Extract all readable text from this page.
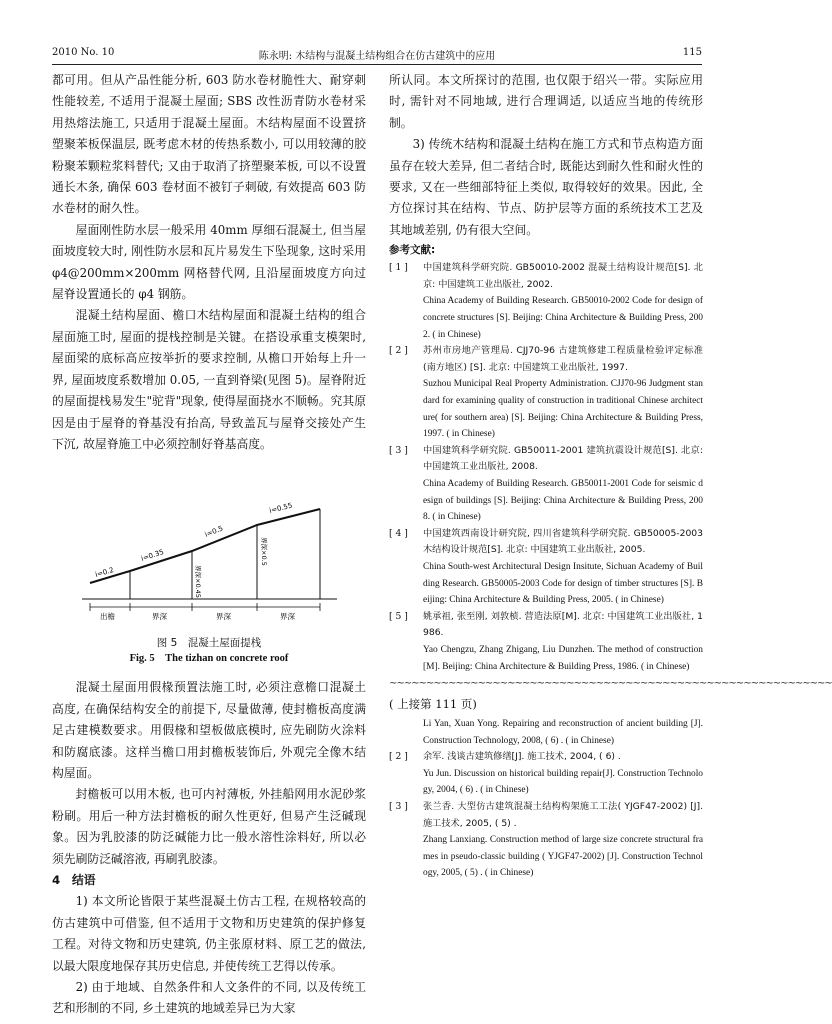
2010 No. 10	陈永明: 木结构与混凝土结构组合在仿古建筑中的应用	115

都可用。但从产品性能分析, 603 防水卷材脆性大、耐穿刺性能较差, 不适用于混凝土屋面; SBS 改性沥青防水卷材采用热熔法施工, 只适用于混凝土屋面。木结构屋面不设置挤塑聚苯板保温层, 既考虑木材的传热系数小, 可以用较薄的胶粉聚苯颗粒浆料替代; 又由于取消了挤塑聚苯板, 可以不设置通长木条, 确保 603 卷材面不被钉子刺破, 有效提高 603 防水卷材的耐久性。

屋面刚性防水层一般采用 40mm 厚细石混凝土, 但当屋面坡度较大时, 刚性防水层和瓦片易发生下坠现象, 这时采用 φ4@200mm×200mm 网格替代网, 且沿屋面坡度方向过屋脊设置通长的 φ4 钢筋。

混凝土结构屋面、檐口木结构屋面和混凝土结构的组合屋面施工时, 屋面的提栈控制是关键。在搭设承重支模架时, 屋面梁的底标高应按举折的要求控制, 从檐口开始每上升一界, 屋面坡度系数增加 0.05, 一直到脊梁(见图 5)。屋脊附近的屋面提栈易发生"驼背"现象, 使得屋面挠水不顺畅。究其原因是由于屋脊的脊基没有抬高, 导致盖瓦与屋脊交接处产生下沉, 故屋脊施工中必须控制好脊基高度。

i=0.2
i=0.35
i=0.5
i=0.55
界深×0.45
界深×0.5
出檐	界深	界深	界深
图 5　混凝土屋面提栈
Fig. 5　The tizhan on concrete roof

混凝土屋面用假椽预置法施工时, 必须注意檐口混凝土高度, 在确保结构安全的前提下, 尽量做薄, 使封檐板高度满足古建模数要求。用假椽和望板做底模时, 应先刷防火涂料和防腐底漆。这样当檐口用封檐板装饰后, 外观完全像木结构屋面。

封檐板可以用木板, 也可内衬薄板, 外挂船网用水泥砂浆粉刷。用后一种方法封檐板的耐久性更好, 但易产生泛碱现象。因为乳胶漆的防泛碱能力比一般水溶性涂料好, 所以必须先刷防泛碱溶液, 再刷乳胶漆。

4　结语

1) 本文所论皆限于某些混凝土仿古工程, 在规格较高的仿古建筑中可借鉴, 但不适用于文物和历史建筑的保护修复工程。对待文物和历史建筑, 仍主张原材料、原工艺的做法, 以最大限度地保存其历史信息, 并使传统工艺得以传承。

2) 由于地域、自然条件和人文条件的不同, 以及传统工艺和形制的不同, 乡土建筑的地域差异已为大家

所认同。本文所探讨的范围, 也仅限于绍兴一带。实际应用时, 需针对不同地域, 进行合理调适, 以适应当地的传统形制。

3) 传统木结构和混凝土结构在施工方式和节点构造方面虽存在较大差异, 但二者结合时, 既能达到耐久性和耐火性的要求, 又在一些细部特征上类似, 取得较好的效果。因此, 全方位探讨其在结构、节点、防护层等方面的系统技术工艺及其地域差别, 仍有很大空间。

参考文献:

[ 1 ] 中国建筑科学研究院. GB50010-2002 混凝土结构设计规范[S]. 北京: 中国建筑工业出版社, 2002.
China Academy of Building Research. GB50010-2002 Code for design of concrete structures [S]. Beijing: China Architecture & Building Press, 2002. ( in Chinese)
[ 2 ] 苏州市房地产管理局. CJJ70-96 古建筑修建工程质量检验评定标准(南方地区) [S]. 北京: 中国建筑工业出版社, 1997.
Suzhou Municipal Real Property Administration. CJJ70-96 Judgment standard for examining quality of construction in traditional Chinese architecture( for southern area) [S]. Beijing: China Architecture & Building Press, 1997. ( in Chinese)
[ 3 ] 中国建筑科学研究院. GB50011-2001 建筑抗震设计规范[S]. 北京: 中国建筑工业出版社, 2008.
China Academy of Building Research. GB50011-2001 Code for seismic design of buildings [S]. Beijing: China Architecture & Building Press, 2008. ( in Chinese)
[ 4 ] 中国建筑西南设计研究院, 四川省建筑科学研究院. GB50005-2003 木结构设计规范[S]. 北京: 中国建筑工业出版社, 2005.
China South-west Architectural Design Insitute, Sichuan Academy of Building Research. GB50005-2003 Code for design of timber structures [S]. Beijing: China Architecture & Building Press, 2005. ( in Chinese)
[ 5 ] 姚承祖, 张至刚, 刘敦桢. 营造法原[M]. 北京: 中国建筑工业出版社, 1986.
Yao Chengzu, Zhang Zhigang, Liu Dunzhen. The method of construction [M]. Beijing: China Architecture & Building Press, 1986. ( in Chinese)
∼∼∼∼∼∼∼∼∼∼∼∼∼∼∼∼∼∼∼∼∼∼∼∼∼∼∼∼∼∼∼∼∼∼∼∼∼∼∼∼∼∼∼∼∼∼∼∼∼∼∼∼∼∼∼∼∼∼∼∼

( 上接第 111 页)

Li Yan, Xuan Yong. Repairing and reconstruction of ancient building [J]. Construction Technology, 2008, ( 6) . ( in Chinese)
[ 2 ] 余军. 浅谈古建筑修缮[J]. 施工技术, 2004, ( 6) .
Yu Jun. Discussion on historical building repair[J]. Construction Technology, 2004, ( 6) . ( in Chinese)
[ 3 ] 张兰香. 大型仿古建筑混凝土结构构架施工工法( YJGF47-2002) [J]. 施工技术, 2005, ( 5) .
Zhang Lanxiang. Construction method of large size concrete structural frames in pseudo-classic building ( YJGF47-2002) [J]. Construction Technology, 2005, ( 5) . ( in Chinese)
